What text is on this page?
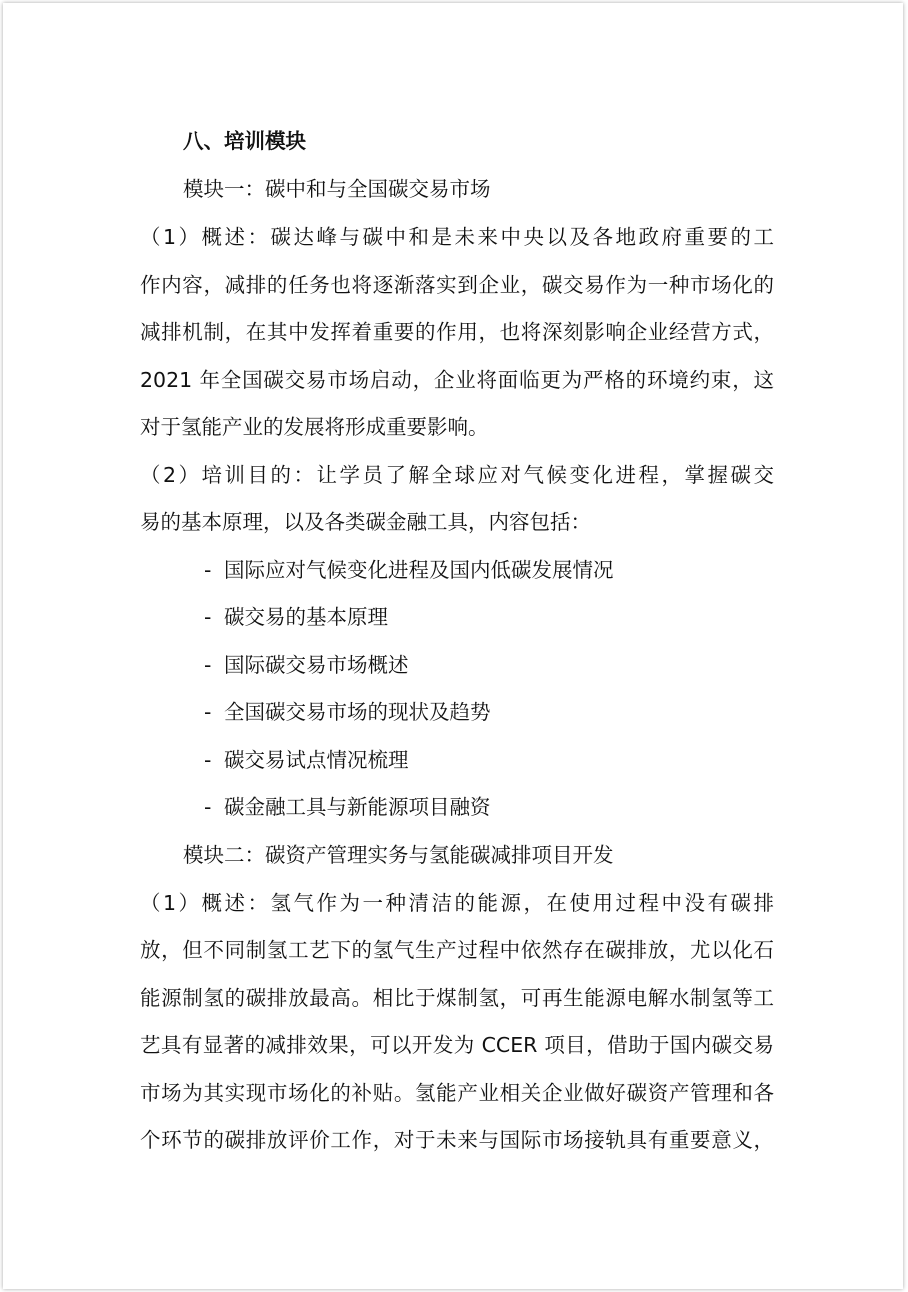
八、培训模块
模块一：碳中和与全国碳交易市场
（1）概述：碳达峰与碳中和是未来中央以及各地政府重要的工
作内容，减排的任务也将逐渐落实到企业，碳交易作为一种市场化的
减排机制，在其中发挥着重要的作用，也将深刻影响企业经营方式，
2021 年全国碳交易市场启动，企业将面临更为严格的环境约束，这
对于氢能产业的发展将形成重要影响。
（2）培训目的：让学员了解全球应对气候变化进程，掌握碳交
易的基本原理，以及各类碳金融工具，内容包括：
- 国际应对气候变化进程及国内低碳发展情况
- 碳交易的基本原理
- 国际碳交易市场概述
- 全国碳交易市场的现状及趋势
- 碳交易试点情况梳理
- 碳金融工具与新能源项目融资
模块二：碳资产管理实务与氢能碳减排项目开发
（1）概述：氢气作为一种清洁的能源，在使用过程中没有碳排
放，但不同制氢工艺下的氢气生产过程中依然存在碳排放，尤以化石
能源制氢的碳排放最高。相比于煤制氢，可再生能源电解水制氢等工
艺具有显著的减排效果，可以开发为 CCER 项目，借助于国内碳交易
市场为其实现市场化的补贴。氢能产业相关企业做好碳资产管理和各
个环节的碳排放评价工作，对于未来与国际市场接轨具有重要意义，
